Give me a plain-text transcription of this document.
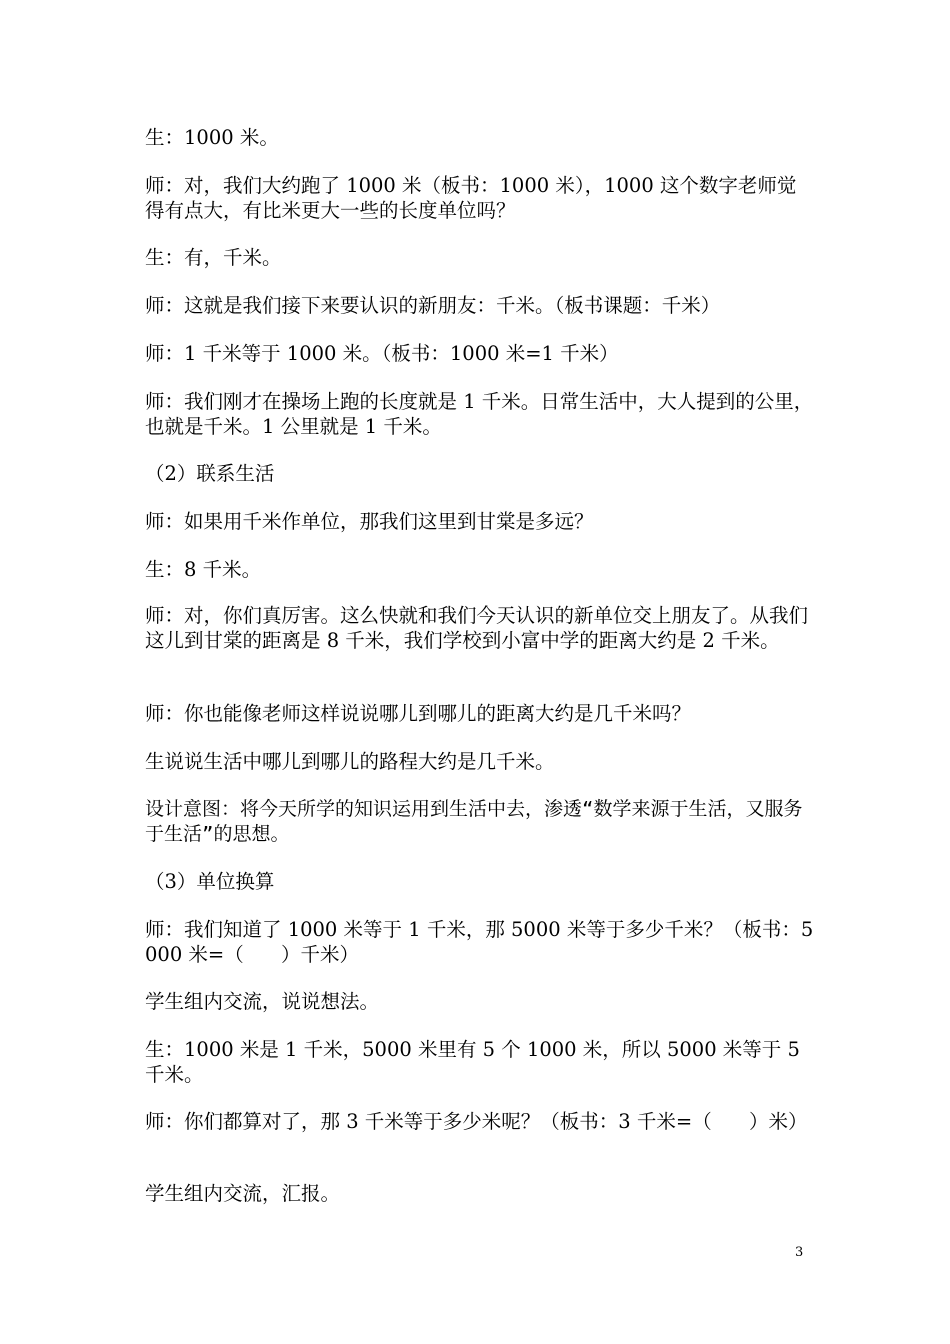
生：1000 米。

师：对，我们大约跑了 1000 米（板书：1000 米），1000 这个数字老师觉得有点大，有比米更大一些的长度单位吗？

生：有，千米。

师：这就是我们接下来要认识的新朋友：千米。（板书课题：千米）

师：1 千米等于 1000 米。（板书：1000 米=1 千米）

师：我们刚才在操场上跑的长度就是 1 千米。日常生活中，大人提到的公里，也就是千米。1 公里就是 1 千米。

（2）联系生活

师：如果用千米作单位，那我们这里到甘棠是多远？

生：8 千米。

师：对，你们真厉害。这么快就和我们今天认识的新单位交上朋友了。从我们这儿到甘棠的距离是 8 千米，我们学校到小富中学的距离大约是 2 千米。

师：你也能像老师这样说说哪儿到哪儿的距离大约是几千米吗？

生说说生活中哪儿到哪儿的路程大约是几千米。

设计意图：将今天所学的知识运用到生活中去，渗透“数学来源于生活，又服务于生活”的思想。

（3）单位换算

师：我们知道了 1000 米等于 1 千米，那 5000 米等于多少千米？（板书：5000 米=（      ）千米）

学生组内交流，说说想法。

生：1000 米是 1 千米，5000 米里有 5 个 1000 米，所以 5000 米等于 5 千米。

师：你们都算对了，那 3 千米等于多少米呢？（板书：3 千米=（      ）米）

学生组内交流，汇报。

3
